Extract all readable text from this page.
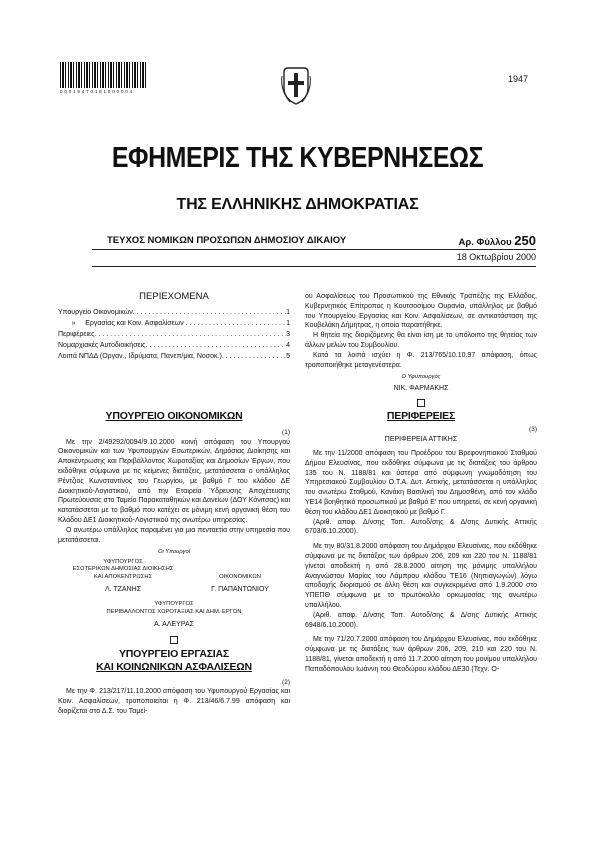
0 0 0 1 9 4 7 0 1 8 1 0 0 0 0 0 4
1947
ΕΦΗΜΕΡΙΣ ΤΗΣ ΚΥΒΕΡΝΗΣΕΩΣ
ΤΗΣ ΕΛΛΗΝΙΚΗΣ ΔΗΜΟΚΡΑΤΙΑΣ
ΤΕΥΧΟΣ ΝΟΜΙΚΩΝ ΠΡΟΣΩΠΩΝ ΔΗΜΟΣΙΟΥ ΔΙΚΑΙΟΥ	Αρ. Φύλλου 250
18 Οκτωβρίου 2000
ΠΕΡΙΕΧΟΜΕΝΑ
Υπουργείο Οικονομικών . . .	1
»     Εργασίας και Κοιν. Ασφαλίσεων . . .	1
Περιφέρειες . . .	3
Νομαρχιακές Αυτοδιοικήσεις . . .	4
Λοιπά ΝΠΔΔ (Οργαν., Ιδρύματα, Πανεπ/μια, Νοσοκ.) . . .	5
ΥΠΟΥΡΓΕΙΟ ΟΙΚΟΝΟΜΙΚΩΝ
(1)

Με την 2/49292/0094/9.10.2000 κοινή απόφαση του Υπουργού Οικονομικών και των Υφυπουργών Εσωτερικών, Δημόσιας Διοίκησης και Αποκέντρωσης και Περιβάλλοντος Χωροταξίας και Δημοσίων Έργων, που εκδόθηκε σύμφωνα με τις κείμενες διατάξεις, μετατάσσεται ο υπάλληλος Ρέντζιος Κωνσταντίνος του Γεωργίου, με βαθμό Γ του κλάδου ΔΕ Διοικητικού-Λογιστικού, από την Εταιρεία Ύδρευσης Αποχέτευσης Πρωτεύουσας στο Ταμείο Παρακαταθηκών και Δανείων (ΔΟΥ Κόνιτσας) και κατατάσσεται με το βαθμό που κατέχει σε μόνιμη κενή οργανική θέση του Κλάδου ΔΕ1 Διοικητικού-Λογιστικού της ανωτέρω υπηρεσίας.

Ο ανωτέρω υπάλληλος παραμένει για μια πενταετία στην υπηρεσία που μετατάσσεται.

Οι Υπουργοί
ΥΦΥΠΟΥΡΓΟΣ
ΕΣΩΤΕΡΙΚΩΝ ΔΗΜΟΣΙΑΣ ΔΙΟΙΚΗΣΗΣ
ΚΑΙ ΑΠΟΚΕΝΤΡΩΣΗΣ
Λ. ΤΖΑΝΗΣ
ΟΙΚΟΝΟΜΙΚΩΝ
Γ. ΠΑΠΑΝΤΩΝΙΟΥ
ΥΦΥΠΟΥΡΓΟΣ
ΠΕΡΙΒΑΛΛΟΝΤΟΣ ΧΩΡΟΤΑΞΙΑΣ ΚΑΙ ΔΗΜ. ΕΡΓΩΝ
Α. ΑΛΕΥΡΑΣ
ΥΠΟΥΡΓΕΙΟ ΕΡΓΑΣΙΑΣ
ΚΑΙ ΚΟΙΝΩΝΙΚΩΝ ΑΣΦΑΛΙΣΕΩΝ
(2)

Με την Φ. 213/217/11.10.2000 απόφαση του Υφυπουργού Εργασίας και Κοιν. Ασφαλίσεων, τροποποιείται η Φ. 213/46/6.7.99 απόφαση και διορίζεται στο Δ.Σ. του Ταμεί-

ου Ασφαλίσεως του Προσωπικού της Εθνικής Τραπέζης της Ελλάδος, Κυβερνητικός Επίτροπος η Κουτσοσίμου Ουρανία, υπάλληλος με βαθμό του Υπουργείου Εργασίας και Κοιν. Ασφαλίσεων, σε αντικατάσταση της Κουβελάκη Δήμητρας, η οποία παραιτήθηκε.

Η θητεία της διοριζόμενης θα είναι ίση με το υπόλοιπο της θητείας των άλλων μελών του Συμβουλίου.

Κατά τα λοιπά ισχύει η Φ. 213/765/10.10.97 απόφαση, όπως τροποποιήθηκε μεταγενέστερα.

Ο Υφυπουργός
ΝΙΚ. ΦΑΡΜΑΚΗΣ
ΠΕΡΙΦΕΡΕΙΕΣ
(3)
ΠΕΡΙΦΕΡΕΙΑ ΑΤΤΙΚΗΣ

Με την 11/2000 απόφαση του Προέδρου του Βρεφονηπιακού Σταθμού Δήμου Ελευσίνας, που εκδόθηκε σύμφωνα με τις διατάξεις του άρθρου 135 του Ν. 1188/81 και ύστερα από σύμφωνη γνωμοδότηση του Υπηρεσιακού Συμβουλίου Ο.Τ.Α. Δυτ. Αττικής, μετατάσσεται η υπάλληλος του ανωτέρω Σταθμού, Κανάκη Βασιλική του Δημοσθένη, από τον κλάδο ΥΕ14 βοηθητικό προσωπικού με βαθμό Ε' που υπηρετεί, σε κενή οργανική θέση του κλάδου ΔΕ1 Διοικητικού με βαθμό Γ.

(Αριθ. αποφ. Δ/νσης Τοπ. Αυτοδ/σης & Δ/σης Δυτικής Αττικής 6703/6.10.2000).

Με την 80/31.8.2000 απόφαση του Δημάρχου Ελευσίνας, που εκδόθηκε σύμφωνα με τις διατάξεις των άρθρων 206, 209 και 220 του Ν. 1188/81 γίνεται αποδεκτή η από 28.8.2000 αίτηση της μόνιμης υπαλλήλου Αναγνώστου Μαρίας του Λάμπρου κλάδου ΤΕ16 (Νηπιαγωγών) λόγω αποδοχής διορισμού σε άλλη θέση και συγκεκριμένα από 1.9.2000 στο ΥΠΕΠΘ σύμφωνα με το πρωτόκολλο ορκωμοσίας της ανωτέρω υπαλλήλου.

(Αριθ. αποφ. Δ/νσης Τοπ. Αυτοδ/σης & Δ/σης Δυτικής Αττικής 6948/6.10.2000).

Με την 71/20.7.2000 απόφαση του Δημάρχου Ελευσίνας, που εκδόθηκε σύμφωνα με τις διατάξεις των άρθρων 206, 209, 210 και 220 του Ν. 1188/81, γίνεται αποδεκτή η από 11.7.2000 αίτηση του μονίμου υπαλλήλου Παπαδόπουλου Ιωάννη του Θεοδώρου κλάδου ΔΕ30 (Τεχν. Ο-
